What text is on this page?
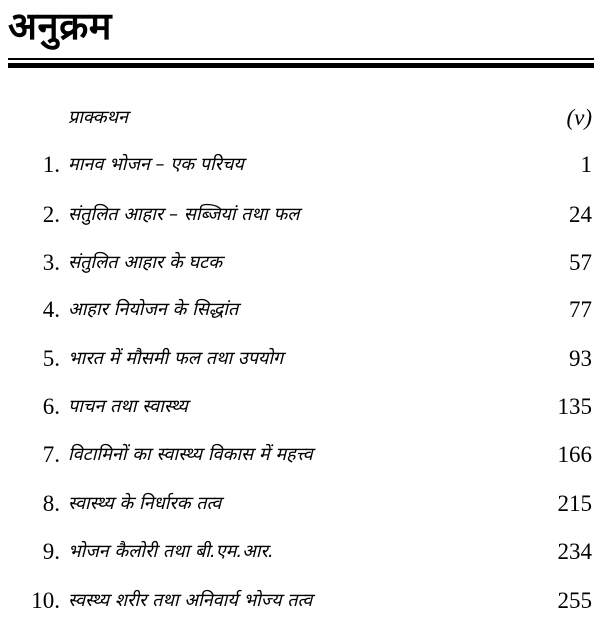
अनुक्रम
प्राक्कथन	(v)
1. मानव भोजन – एक परिचय	1
2. संतुलित आहार – सब्जियां तथा फल	24
3. संतुलित आहार के घटक	57
4. आहार नियोजन के सिद्धांत	77
5. भारत में मौसमी फल तथा उपयोग	93
6. पाचन तथा स्वास्थ्य	135
7. विटामिनों का स्वास्थ्य विकास में महत्त्व	166
8. स्वास्थ्य के निर्धारक तत्व	215
9. भोजन कैलोरी तथा बी.एम.आर.	234
10. स्वस्थ्य शरीर तथा अनिवार्य भोज्य तत्व	255
